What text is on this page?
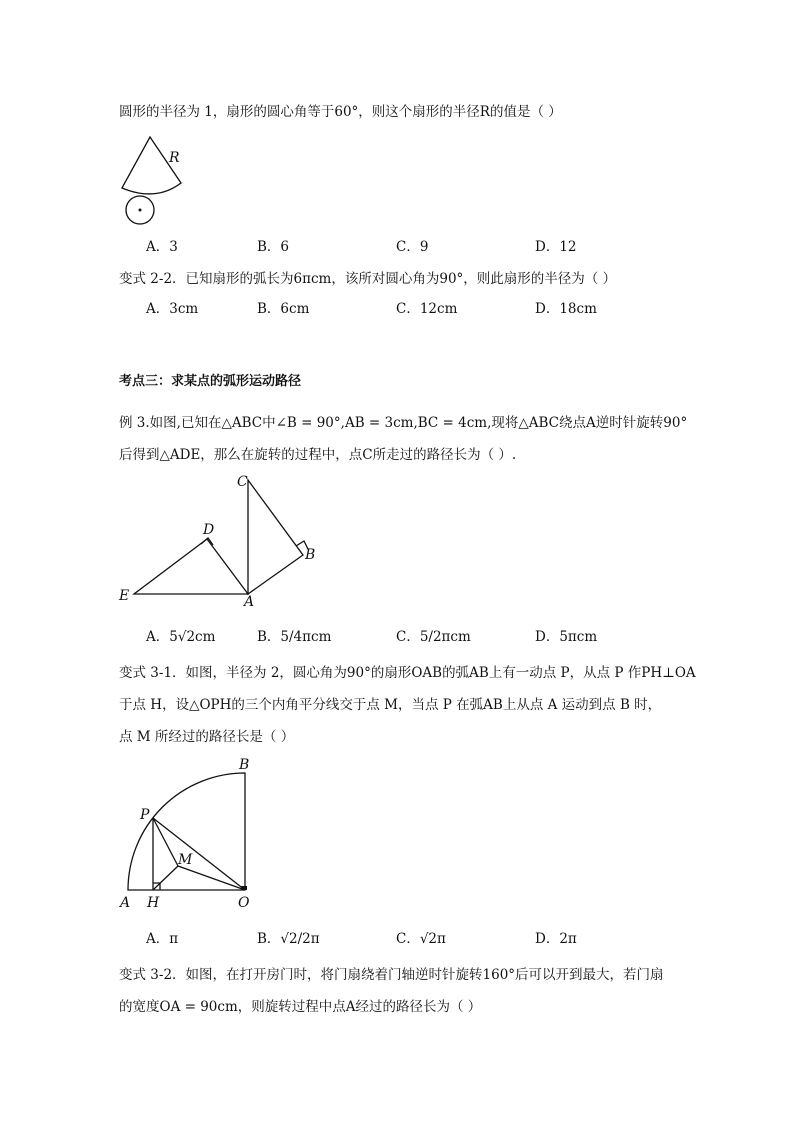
圆形的半径为 1，扇形的圆心角等于60°，则这个扇形的半径R的值是（ ）
R
A．3	B．6	C．9	D．12
变式 2-2．已知扇形的弧长为6πcm，该所对圆心角为90°，则此扇形的半径为（ ）
A．3cm	B．6cm	C．12cm	D．18cm
考点三：求某点的弧形运动路径
例 3.如图,已知在△ABC中∠B = 90°,AB = 3cm,BC = 4cm,现将△ABC绕点A逆时针旋转90°
后得到△ADE，那么在旋转的过程中，点C所走过的路径长为（ ）.
C
D
B
E	A
A．5√2cm	B．5/4πcm	C．5/2πcm	D．5πcm
变式 3-1．如图，半径为 2，圆心角为90°的扇形OAB的弧AB上有一动点 P，从点 P 作PH⊥OA
于点 H，设△OPH的三个内角平分线交于点 M，当点 P 在弧AB上从点 A 运动到点 B 时，
点 M 所经过的路径长是（ ）
B
P
M
A H	O
A．π	B．√2/2π	C．√2π	D．2π
变式 3-2．如图，在打开房门时，将门扇绕着门轴逆时针旋转160°后可以开到最大，若门扇
的宽度OA = 90cm，则旋转过程中点A经过的路径长为（ ）
